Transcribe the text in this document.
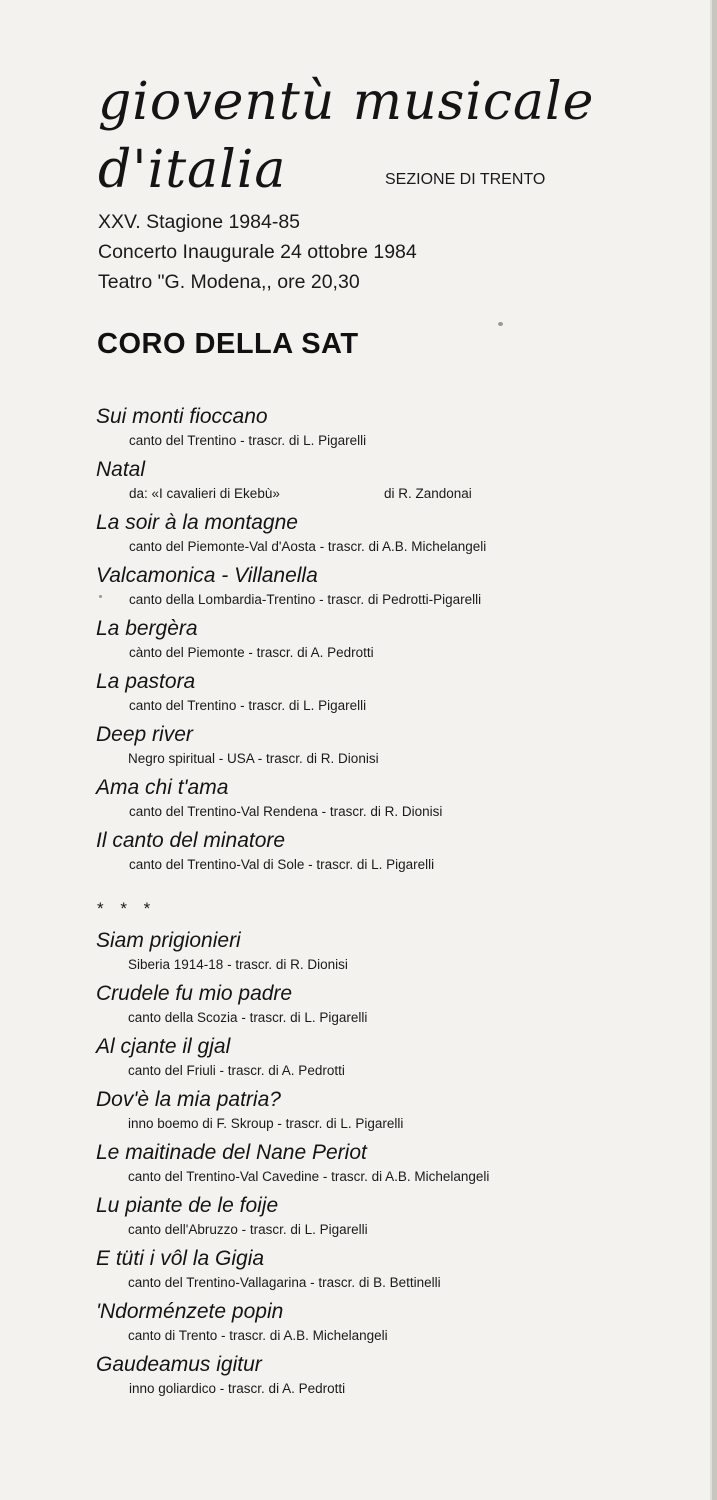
gioventù musicale
d'italia	SEZIONE DI TRENTO
XXV. Stagione 1984-85
Concerto Inaugurale 24 ottobre 1984
Teatro "G. Modena,, ore 20,30
CORO DELLA SAT
Sui monti fioccano
canto del Trentino - trascr. di L. Pigarelli
Natal
da: «I cavalieri di Ekebù»	di R. Zandonai
La soir à la montagne
canto del Piemonte-Val d'Aosta - trascr. di A.B. Michelangeli
Valcamonica - Villanella
canto della Lombardia-Trentino - trascr. di Pedrotti-Pigarelli
La bergèra
cànto del Piemonte - trascr. di A. Pedrotti
La pastora
canto del Trentino - trascr. di L. Pigarelli
Deep river
Negro spiritual - USA - trascr. di R. Dionisi
Ama chi t'ama
canto del Trentino-Val Rendena - trascr. di R. Dionisi
Il canto del minatore
canto del Trentino-Val di Sole - trascr. di L. Pigarelli
* * *
Siam prigionieri
Siberia 1914-18 - trascr. di R. Dionisi
Crudele fu mio padre
canto della Scozia - trascr. di L. Pigarelli
Al cjante il gjal
canto del Friuli - trascr. di A. Pedrotti
Dov'è la mia patria?
inno boemo di F. Skroup - trascr. di L. Pigarelli
Le maitinade del Nane Periot
canto del Trentino-Val Cavedine - trascr. di A.B. Michelangeli
Lu piante de le foije
canto dell'Abruzzo - trascr. di L. Pigarelli
E tüti i vôl la Gigia
canto del Trentino-Vallagarina - trascr. di B. Bettinelli
'Ndorménzete popin
canto di Trento - trascr. di A.B. Michelangeli
Gaudeamus igitur
inno goliardico - trascr. di A. Pedrotti
